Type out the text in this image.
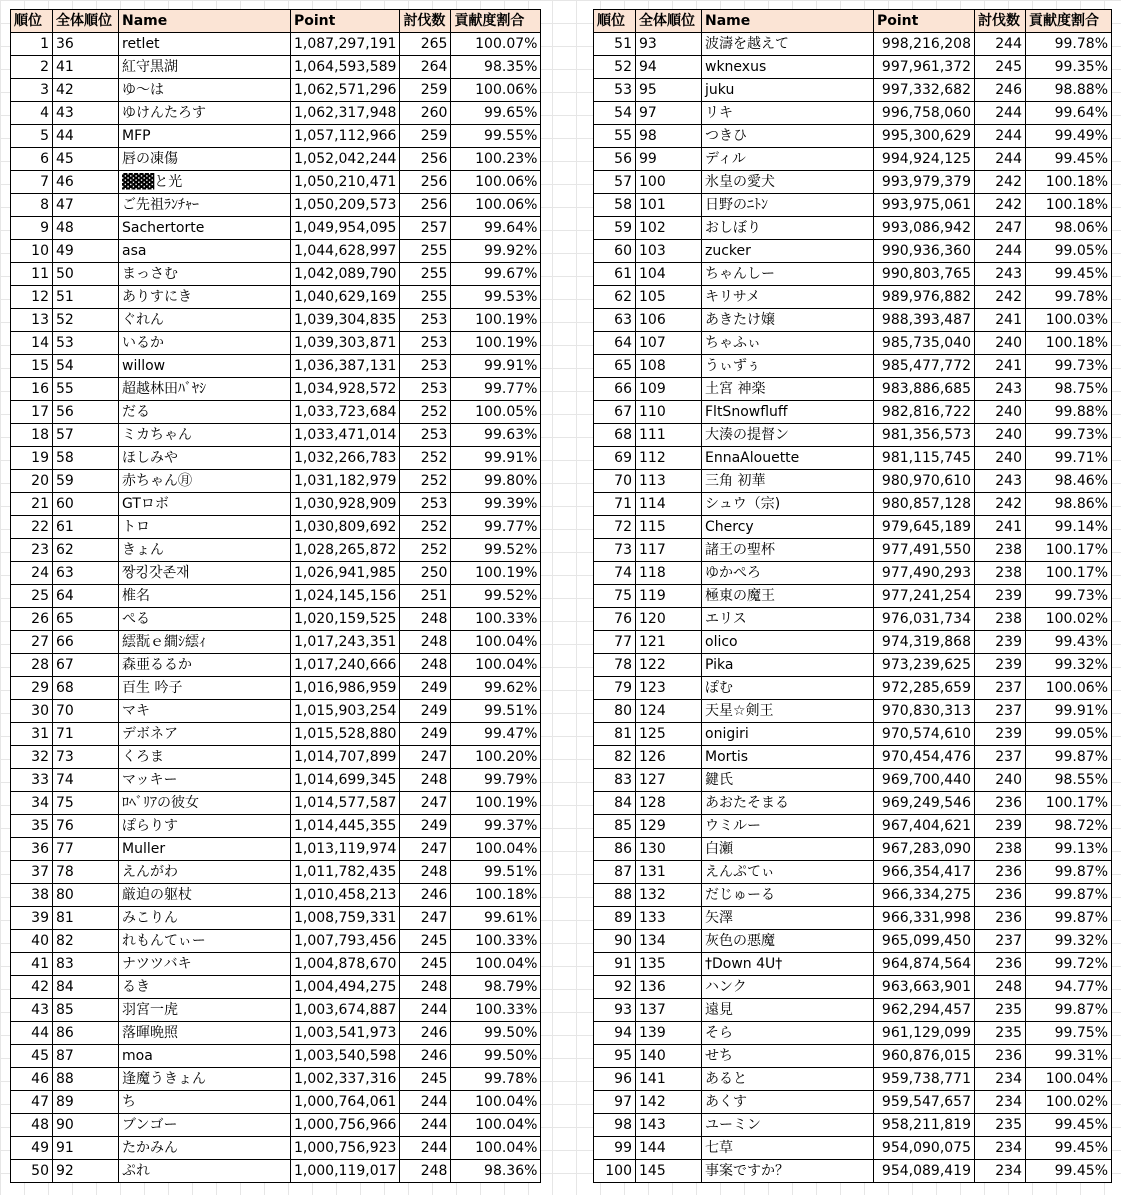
順位	全体順位	Name	Point	討伐数	貢献度割合
1	36	retlet	1,087,297,191	265	100.07%
2	41	紅守黒湖	1,064,593,589	264	98.35%
3	42	ゆ～は	1,062,571,296	259	100.06%
4	43	ゆけんたろす	1,062,317,948	260	99.65%
5	44	MFP	1,057,112,966	259	99.55%
6	45	唇の凍傷	1,052,042,244	256	100.23%
7	46	▓▓▓と光	1,050,210,471	256	100.06%
8	47	ご先祖ﾗﾝﾁｬｰ	1,050,209,573	256	100.06%
9	48	Sachertorte	1,049,954,095	257	99.64%
10	49	asa	1,044,628,997	255	99.92%
11	50	まっさむ	1,042,089,790	255	99.67%
12	51	ありすにき	1,040,629,169	255	99.53%
13	52	ぐれん	1,039,304,835	253	100.19%
14	53	いるか	1,039,303,871	253	100.19%
15	54	willow	1,036,387,131	253	99.91%
16	55	超越林田ﾊﾞﾔｼ	1,034,928,572	253	99.77%
17	56	だる	1,033,723,684	252	100.05%
18	57	ミカちゃん	1,033,471,014	253	99.63%
19	58	ほしみや	1,032,266,783	252	99.91%
20	59	赤ちゃん㊊	1,031,182,979	252	99.80%
21	60	GTロボ	1,030,928,909	253	99.39%
22	61	トロ	1,030,809,692	252	99.77%
23	62	きょん	1,028,265,872	252	99.52%
24	63	짱킹갓존재	1,026,941,985	250	100.19%
25	64	椎名	1,024,145,156	251	99.52%
26	65	ぺる	1,020,159,525	248	100.33%
27	66	繧翫ｅ繝ｼ繧ｨ	1,017,243,351	248	100.04%
28	67	森亜るるか	1,017,240,666	248	100.04%
29	68	百生 吟子	1,016,986,959	249	99.62%
30	70	マキ	1,015,903,254	249	99.51%
31	71	デボネア	1,015,528,880	249	99.47%
32	73	くろま	1,014,707,899	247	100.20%
33	74	マッキー	1,014,699,345	248	99.79%
34	75	ﾛﾍﾞﾘｱの彼女	1,014,577,587	247	100.19%
35	76	ぽらりす	1,014,445,355	249	99.37%
36	77	Muller	1,013,119,974	247	100.04%
37	78	えんがわ	1,011,782,435	248	99.51%
38	80	厳迫の躯杖	1,010,458,213	246	100.18%
39	81	みこりん	1,008,759,331	247	99.61%
40	82	れもんてぃー	1,007,793,456	245	100.33%
41	83	ナツツバキ	1,004,878,670	245	100.04%
42	84	るき	1,004,494,275	248	98.79%
43	85	羽宮一虎	1,003,674,887	244	100.33%
44	86	落暉晩照	1,003,541,973	246	99.50%
45	87	moa	1,003,540,598	246	99.50%
46	88	逢魔うきょん	1,002,337,316	245	99.78%
47	89	ち	1,000,764,061	244	100.04%
48	90	ブンゴー	1,000,756,966	244	100.04%
49	91	たかみん	1,000,756,923	244	100.04%
50	92	ぷれ	1,000,119,017	248	98.36%
順位	全体順位	Name	Point	討伐数	貢献度割合
51	93	波濤を越えて	998,216,208	244	99.78%
52	94	wknexus	997,961,372	245	99.35%
53	95	juku	997,332,682	246	98.88%
54	97	リキ	996,758,060	244	99.64%
55	98	つきひ	995,300,629	244	99.49%
56	99	ディル	994,924,125	244	99.45%
57	100	氷皇の愛犬	993,979,379	242	100.18%
58	101	日野のﾆﾄﾝ	993,975,061	242	100.18%
59	102	おしぼり	993,086,942	247	98.06%
60	103	zucker	990,936,360	244	99.05%
61	104	ちゃんしー	990,803,765	243	99.45%
62	105	キリサメ	989,976,882	242	99.78%
63	106	あきたけ嬢	988,393,487	241	100.03%
64	107	ちゃふぃ	985,735,040	240	100.18%
65	108	うぃずぅ	985,477,772	241	99.73%
66	109	土宮 神楽	983,886,685	243	98.75%
67	110	FltSnowfluff	982,816,722	240	99.88%
68	111	大湊の提督ン	981,356,573	240	99.73%
69	112	EnnaAlouette	981,115,745	240	99.71%
70	113	三角 初華	980,970,610	243	98.46%
71	114	シュウ（宗)	980,857,128	242	98.86%
72	115	Chercy	979,645,189	241	99.14%
73	117	諸王の聖杯	977,491,550	238	100.17%
74	118	ゆかぺろ	977,490,293	238	100.17%
75	119	極東の魔王	977,241,254	239	99.73%
76	120	エリス	976,031,734	238	100.02%
77	121	olico	974,319,868	239	99.43%
78	122	Pika	973,239,625	239	99.32%
79	123	ぽむ	972,285,659	237	100.06%
80	124	天星☆剣王	970,830,313	237	99.91%
81	125	onigiri	970,574,610	239	99.05%
82	126	Mortis	970,454,476	237	99.87%
83	127	鍵氏	969,700,440	240	98.55%
84	128	あおたそまる	969,249,546	236	100.17%
85	129	ウミルー	967,404,621	239	98.72%
86	130	白瀬	967,283,090	238	99.13%
87	131	えんぷてぃ	966,354,417	236	99.87%
88	132	だじゅーる	966,334,275	236	99.87%
89	133	矢澤	966,331,998	236	99.87%
90	134	灰色の悪魔	965,099,450	237	99.32%
91	135	†Down 4U†	964,874,564	236	99.72%
92	136	ハンク	963,663,901	248	94.77%
93	137	遠見	962,294,457	235	99.87%
94	139	そら	961,129,099	235	99.75%
95	140	せち	960,876,015	236	99.31%
96	141	あると	959,738,771	234	100.04%
97	142	あくす	959,547,657	234	100.02%
98	143	ユーミン	958,211,819	235	99.45%
99	144	七草	954,090,075	234	99.45%
100	145	事案ですか？	954,089,419	234	99.45%
